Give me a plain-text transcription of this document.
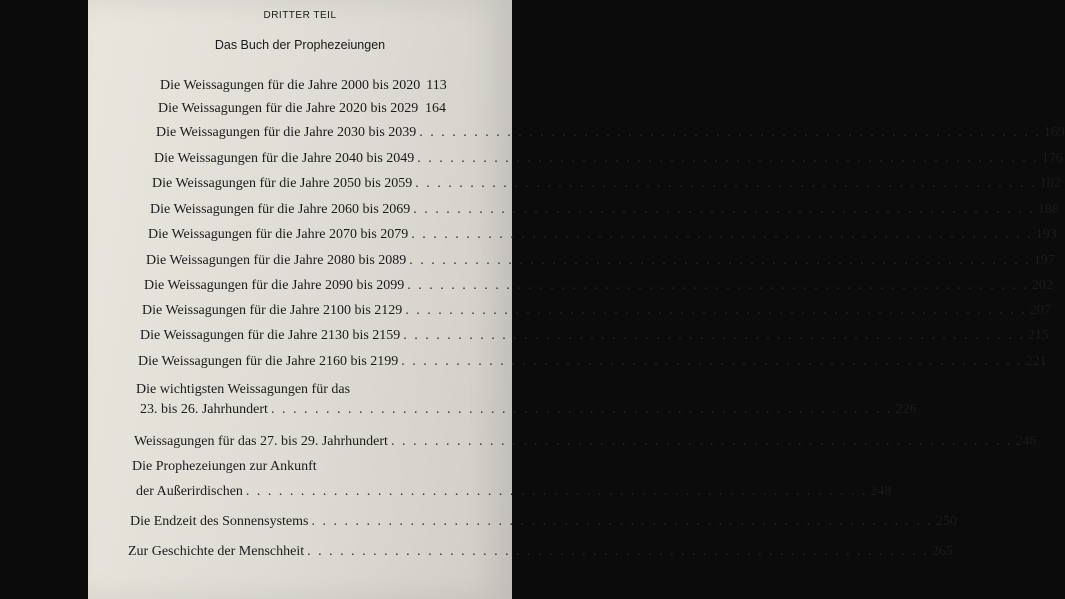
DRITTER TEIL
Das Buch der Prophezeiungen
Die Weissagungen für die Jahre 2000 bis 2020 113
Die Weissagungen für die Jahre 2020 bis 2029 164
Die Weissagungen für die Jahre 2030 bis 2039 . . . . . . . . . . . . . . . . . . . . . . . . . . . . . . . . . . . . . . . . . . . . . . . . . . . . . . . . . 169
Die Weissagungen für die Jahre 2040 bis 2049 . . . . . . . . . . . . . . . . . . . . . . . . . . . . . . . . . . . . . . . . . . . . . . . . . . . . . . . . . 176
Die Weissagungen für die Jahre 2050 bis 2059 . . . . . . . . . . . . . . . . . . . . . . . . . . . . . . . . . . . . . . . . . . . . . . . . . . . . . . . . . 182
Die Weissagungen für die Jahre 2060 bis 2069 . . . . . . . . . . . . . . . . . . . . . . . . . . . . . . . . . . . . . . . . . . . . . . . . . . . . . . . . . 188
Die Weissagungen für die Jahre 2070 bis 2079 . . . . . . . . . . . . . . . . . . . . . . . . . . . . . . . . . . . . . . . . . . . . . . . . . . . . . . . . . 193
Die Weissagungen für die Jahre 2080 bis 2089 . . . . . . . . . . . . . . . . . . . . . . . . . . . . . . . . . . . . . . . . . . . . . . . . . . . . . . . . . 197
Die Weissagungen für die Jahre 2090 bis 2099 . . . . . . . . . . . . . . . . . . . . . . . . . . . . . . . . . . . . . . . . . . . . . . . . . . . . . . . . . 202
Die Weissagungen für die Jahre 2100 bis 2129 . . . . . . . . . . . . . . . . . . . . . . . . . . . . . . . . . . . . . . . . . . . . . . . . . . . . . . . . . 207
Die Weissagungen für die Jahre 2130 bis 2159 . . . . . . . . . . . . . . . . . . . . . . . . . . . . . . . . . . . . . . . . . . . . . . . . . . . . . . . . . 215
Die Weissagungen für die Jahre 2160 bis 2199 . . . . . . . . . . . . . . . . . . . . . . . . . . . . . . . . . . . . . . . . . . . . . . . . . . . . . . . . . 221
Die wichtigsten Weissagungen für das
23. bis 26. Jahrhundert . . . . . . . . . . . . . . . . . . . . . . . . . . . . . . . . . . . . . . . . . . . . . . . . . . . . . . . . . 226
Weissagungen für das 27. bis 29. Jahrhundert . . . . . . . . . . . . . . . . . . . . . . . . . . . . . . . . . . . . . . . . . . . . . . . . . . . . . . . . . 246
Die Prophezeiungen zur Ankunft
der Außerirdischen . . . . . . . . . . . . . . . . . . . . . . . . . . . . . . . . . . . . . . . . . . . . . . . . . . . . . . . . . 248
Die Endzeit des Sonnensystems . . . . . . . . . . . . . . . . . . . . . . . . . . . . . . . . . . . . . . . . . . . . . . . . . . . . . . . . . 250
Zur Geschichte der Menschheit . . . . . . . . . . . . . . . . . . . . . . . . . . . . . . . . . . . . . . . . . . . . . . . . . . . . . . . . . 265
